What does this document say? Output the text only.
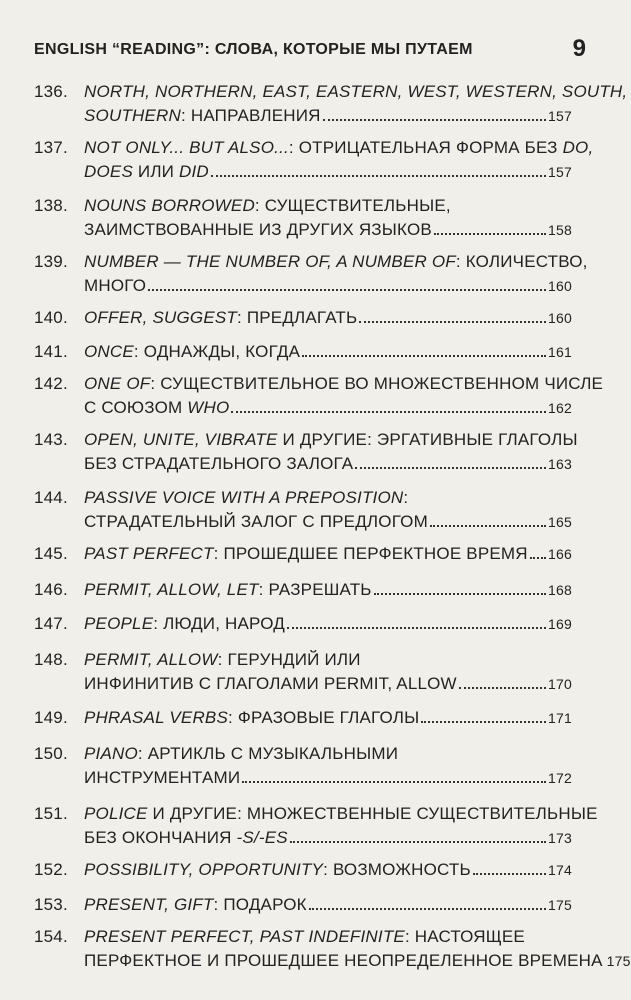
ENGLISH “READING”: СЛОВА, КОТОРЫЕ МЫ ПУТАЕМ	9
136. NORTH, NORTHERN, EAST, EASTERN, WEST, WESTERN, SOUTH,
SOUTHERN: НАПРАВЛЕНИЯ	157
137. NOT ONLY... BUT ALSO...: ОТРИЦАТЕЛЬНАЯ ФОРМА БЕЗ DO,
DOES ИЛИ DID	157
138. NOUNS BORROWED: СУЩЕСТВИТЕЛЬНЫЕ,
ЗАИМСТВОВАННЫЕ ИЗ ДРУГИХ ЯЗЫКОВ	158
139. NUMBER — THE NUMBER OF, A NUMBER OF: КОЛИЧЕСТВО,
МНОГО	160
140. OFFER, SUGGEST: ПРЕДЛАГАТЬ	160
141. ONCE: ОДНАЖДЫ, КОГДА	161
142. ONE OF: СУЩЕСТВИТЕЛЬНОЕ ВО МНОЖЕСТВЕННОМ ЧИСЛЕ
С СОЮЗОМ WHO	162
143. OPEN, UNITE, VIBRATE И ДРУГИЕ: ЭРГАТИВНЫЕ ГЛАГОЛЫ
БЕЗ СТРАДАТЕЛЬНОГО ЗАЛОГА	163
144. PASSIVE VOICE WITH A PREPOSITION:
СТРАДАТЕЛЬНЫЙ ЗАЛОГ С ПРЕДЛОГОМ	165
145. PAST PERFECT: ПРОШЕДШЕЕ ПЕРФЕКТНОЕ ВРЕМЯ 166
146. PERMIT, ALLOW, LET: РАЗРЕШАТЬ	168
147. PEOPLE: ЛЮДИ, НАРОД	169
148. PERMIT, ALLOW: ГЕРУНДИЙ ИЛИ
ИНФИНИТИВ С ГЛАГОЛАМИ PERMIT, ALLOW	170
149. PHRASAL VERBS: ФРАЗОВЫЕ ГЛАГОЛЫ	171
150. PIANO: АРТИКЛЬ С МУЗЫКАЛЬНЫМИ
ИНСТРУМЕНТАМИ	172
151. POLICE И ДРУГИЕ: МНОЖЕСТВЕННЫЕ СУЩЕСТВИТЕЛЬНЫЕ
БЕЗ ОКОНЧАНИЯ -S/-ES	173
152. POSSIBILITY, OPPORTUNITY: ВОЗМОЖНОСТЬ	174
153. PRESENT, GIFT: ПОДАРОК	175
154. PRESENT PERFECT, PAST INDEFINITE: НАСТОЯЩЕЕ
ПЕРФЕКТНОЕ И ПРОШЕДШЕЕ НЕОПРЕДЕЛЕННОЕ ВРЕМЕНА 175
